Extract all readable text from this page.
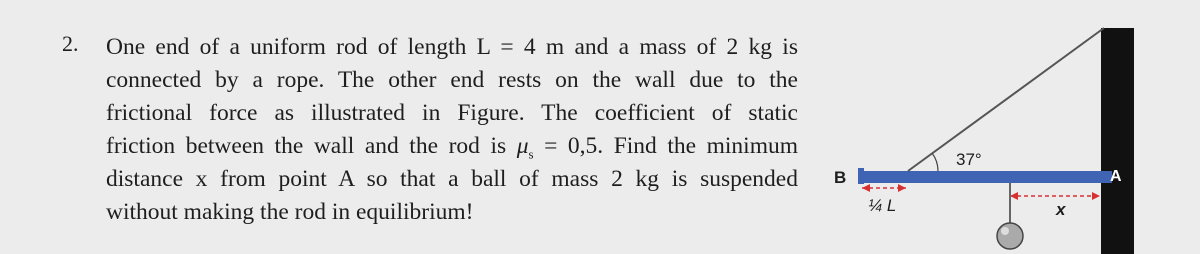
2. One end of a uniform rod of length L = 4 m and a mass of 2 kg is
connected by a rope. The other end rests on the wall due to the
frictional force as illustrated in Figure. The coefficient of static
friction between the wall and the rod is $\mu_s = 0,5$. Find the minimum
distance x from point A so that a ball of mass 2 kg is suspended
without making the rod in equilibrium!
37°
B	A
¼ L	x
